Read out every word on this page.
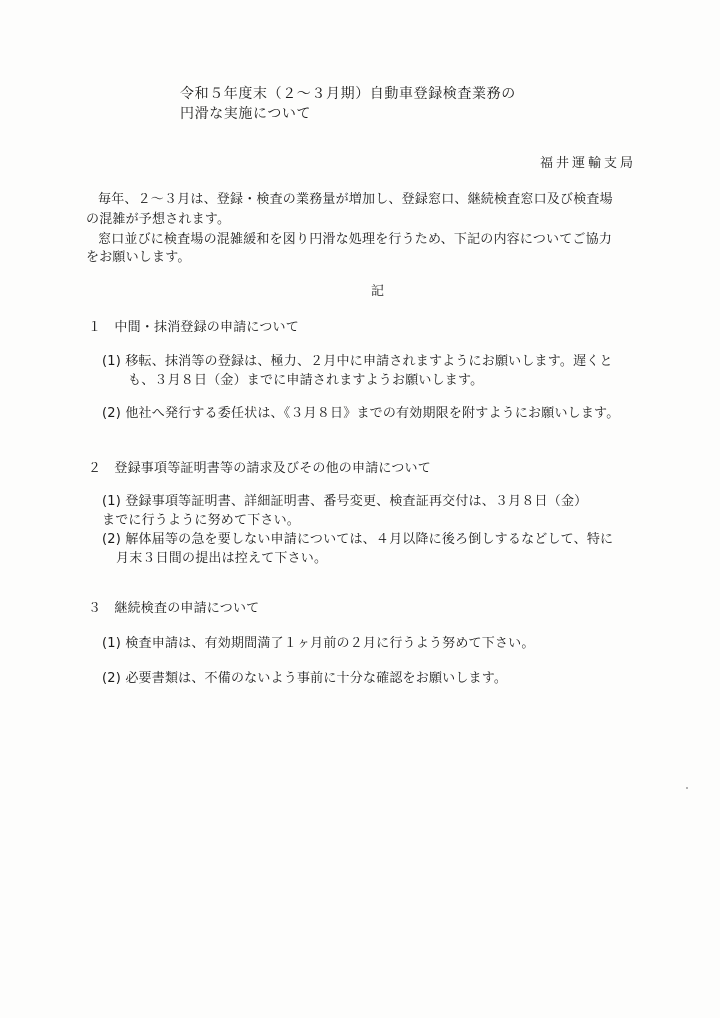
令和５年度末（２～３月期）自動車登録検査業務の
円滑な実施について
福井運輸支局
毎年、２～３月は、登録・検査の業務量が増加し、登録窓口、継続検査窓口及び検査場
の混雑が予想されます。
窓口並びに検査場の混雑緩和を図り円滑な処理を行うため、下記の内容についてご協力
をお願いします。
記
１　中間・抹消登録の申請について
(1) 移転、抹消等の登録は、極力、２月中に申請されますようにお願いします。遅くと
も、３月８日（金）までに申請されますようお願いします。
(2) 他社へ発行する委任状は、《３月８日》までの有効期限を附すようにお願いします。
２　登録事項等証明書等の請求及びその他の申請について
(1) 登録事項等証明書、詳細証明書、番号変更、検査証再交付は、３月８日（金）
までに行うように努めて下さい。
(2) 解体届等の急を要しない申請については、４月以降に後ろ倒しするなどして、特に
月末３日間の提出は控えて下さい。
３　継続検査の申請について
(1) 検査申請は、有効期間満了１ヶ月前の２月に行うよう努めて下さい。
(2) 必要書類は、不備のないよう事前に十分な確認をお願いします。
